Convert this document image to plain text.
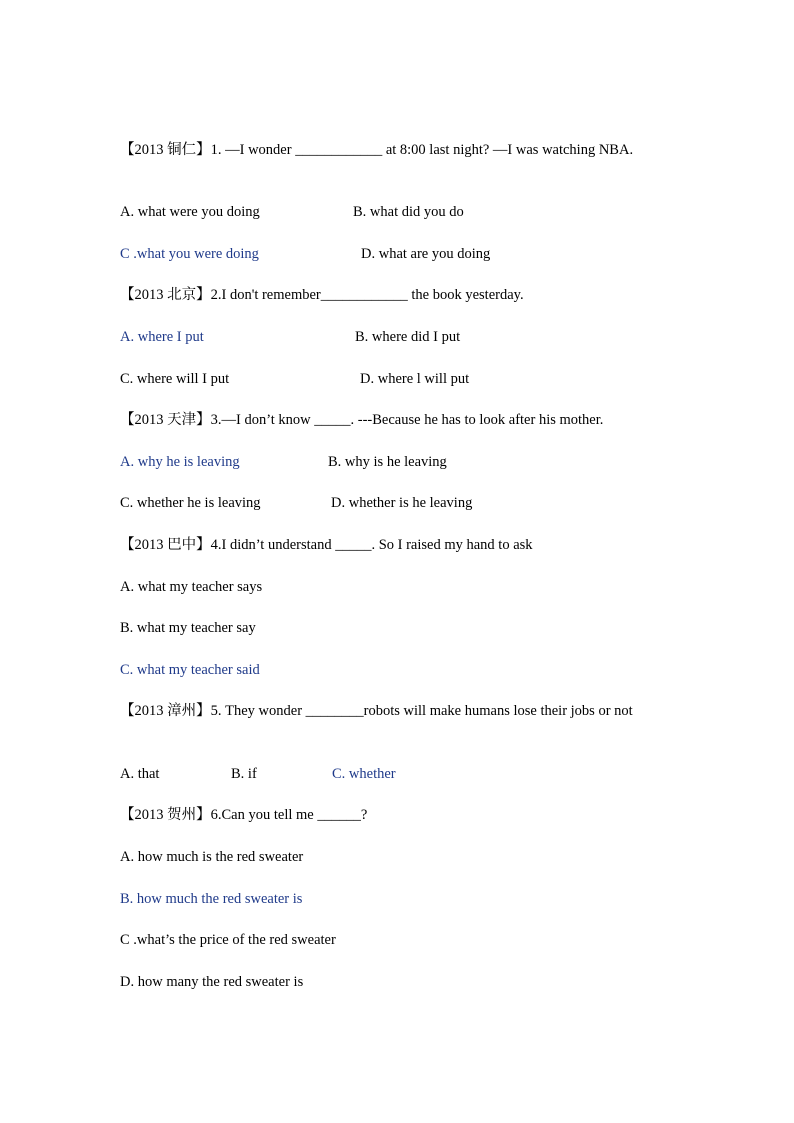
【2013 铜仁】1. —I wonder ____________ at 8:00 last night? —I was watching NBA.
A. what were you doing	B. what did you do
C .what you were doing	D. what are you doing
【2013 北京】2.I don't remember____________ the book yesterday.
A. where I put	B. where did I put
C. where will I put	D. where l will put
【2013 天津】3.—I don’t know _____. ---Because he has to look after his mother.
A. why he is leaving	B. why is he leaving
C. whether he is leaving	D. whether is he leaving
【2013 巴中】4.I didn’t understand _____. So I raised my hand to ask
A. what my teacher says
B. what my teacher say
C. what my teacher said
【2013 漳州】5. They wonder ________robots will make humans lose their jobs or not
A. that	B. if	C. whether
【2013 贺州】6.Can you tell me ______?
A. how much is the red sweater
B. how much the red sweater is
C .what’s the price of the red sweater
D. how many the red sweater is
